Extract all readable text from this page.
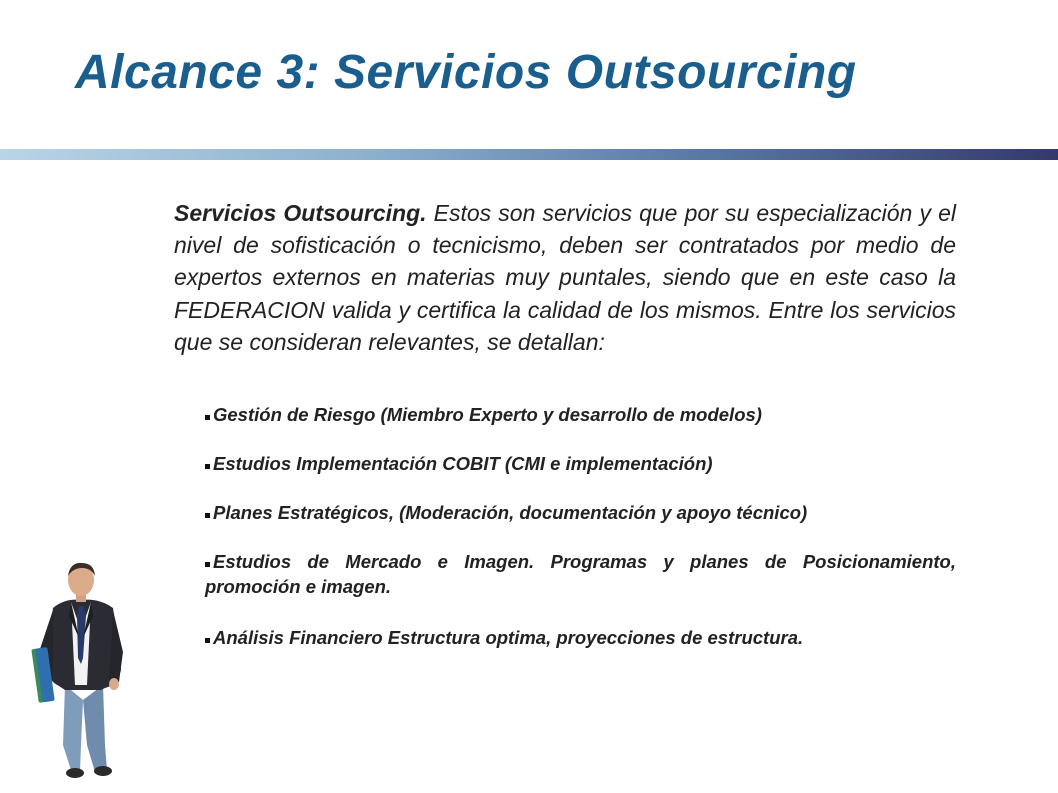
Alcance 3: Servicios Outsourcing

Servicios Outsourcing. Estos son servicios que por su especialización y el nivel de sofisticación o tecnicismo, deben ser contratados por medio de expertos externos en materias muy puntales, siendo que en este caso la FEDERACION valida y certifica la calidad de los mismos. Entre los servicios que se consideran relevantes, se detallan:

Gestión de Riesgo (Miembro Experto y desarrollo de modelos)
Estudios Implementación COBIT (CMI e implementación)
Planes Estratégicos, (Moderación, documentación y apoyo técnico)
Estudios de Mercado e Imagen. Programas y planes de Posicionamiento, promoción e imagen.
Análisis Financiero Estructura optima, proyecciones de estructura.
